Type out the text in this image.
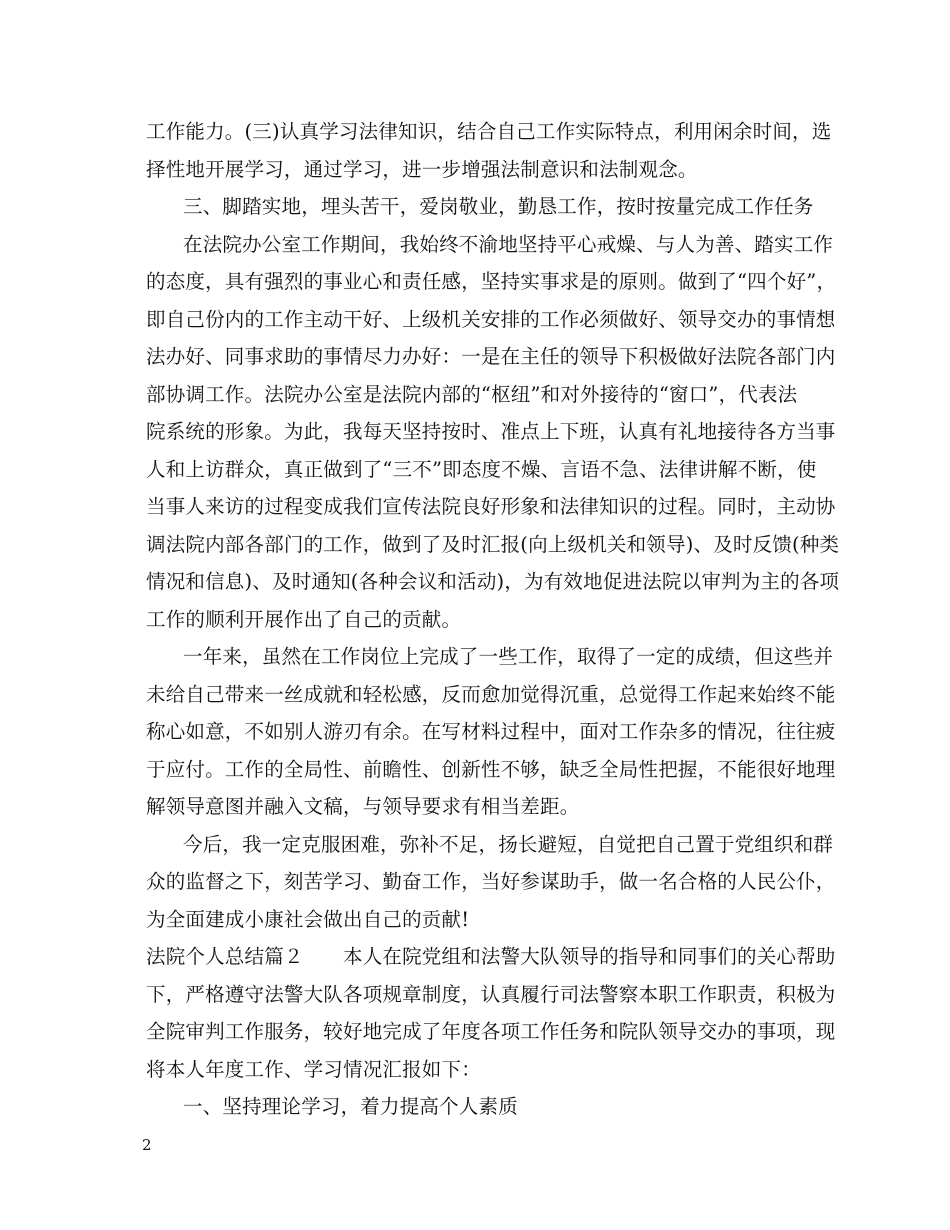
工作能力。(三)认真学习法律知识，结合自己工作实际特点，利用闲余时间，选
择性地开展学习，通过学习，进一步增强法制意识和法制观念。
三、脚踏实地，埋头苦干，爱岗敬业，勤恳工作，按时按量完成工作任务
在法院办公室工作期间，我始终不渝地坚持平心戒燥、与人为善、踏实工作
的态度，具有强烈的事业心和责任感，坚持实事求是的原则。做到了“四个好”，
即自己份内的工作主动干好、上级机关安排的工作必须做好、领导交办的事情想
法办好、同事求助的事情尽力办好：一是在主任的领导下积极做好法院各部门内
部协调工作。法院办公室是法院内部的“枢纽”和对外接待的“窗口”，代表法
院系统的形象。为此，我每天坚持按时、准点上下班，认真有礼地接待各方当事
人和上访群众，真正做到了“三不”即态度不燥、言语不急、法律讲解不断，使
当事人来访的过程变成我们宣传法院良好形象和法律知识的过程。同时，主动协
调法院内部各部门的工作，做到了及时汇报(向上级机关和领导)、及时反馈(种类
情况和信息)、及时通知(各种会议和活动)，为有效地促进法院以审判为主的各项
工作的顺利开展作出了自己的贡献。
一年来，虽然在工作岗位上完成了一些工作，取得了一定的成绩，但这些并
未给自己带来一丝成就和轻松感，反而愈加觉得沉重，总觉得工作起来始终不能
称心如意，不如别人游刃有余。在写材料过程中，面对工作杂多的情况，往往疲
于应付。工作的全局性、前瞻性、创新性不够，缺乏全局性把握，不能很好地理
解领导意图并融入文稿，与领导要求有相当差距。
今后，我一定克服困难，弥补不足，扬长避短，自觉把自己置于党组织和群
众的监督之下，刻苦学习、勤奋工作，当好参谋助手，做一名合格的人民公仆，
为全面建成小康社会做出自己的贡献!
法院个人总结篇２　　本人在院党组和法警大队领导的指导和同事们的关心帮助
下，严格遵守法警大队各项规章制度，认真履行司法警察本职工作职责，积极为
全院审判工作服务，较好地完成了年度各项工作任务和院队领导交办的事项，现
将本人年度工作、学习情况汇报如下：
一、坚持理论学习，着力提高个人素质
2
